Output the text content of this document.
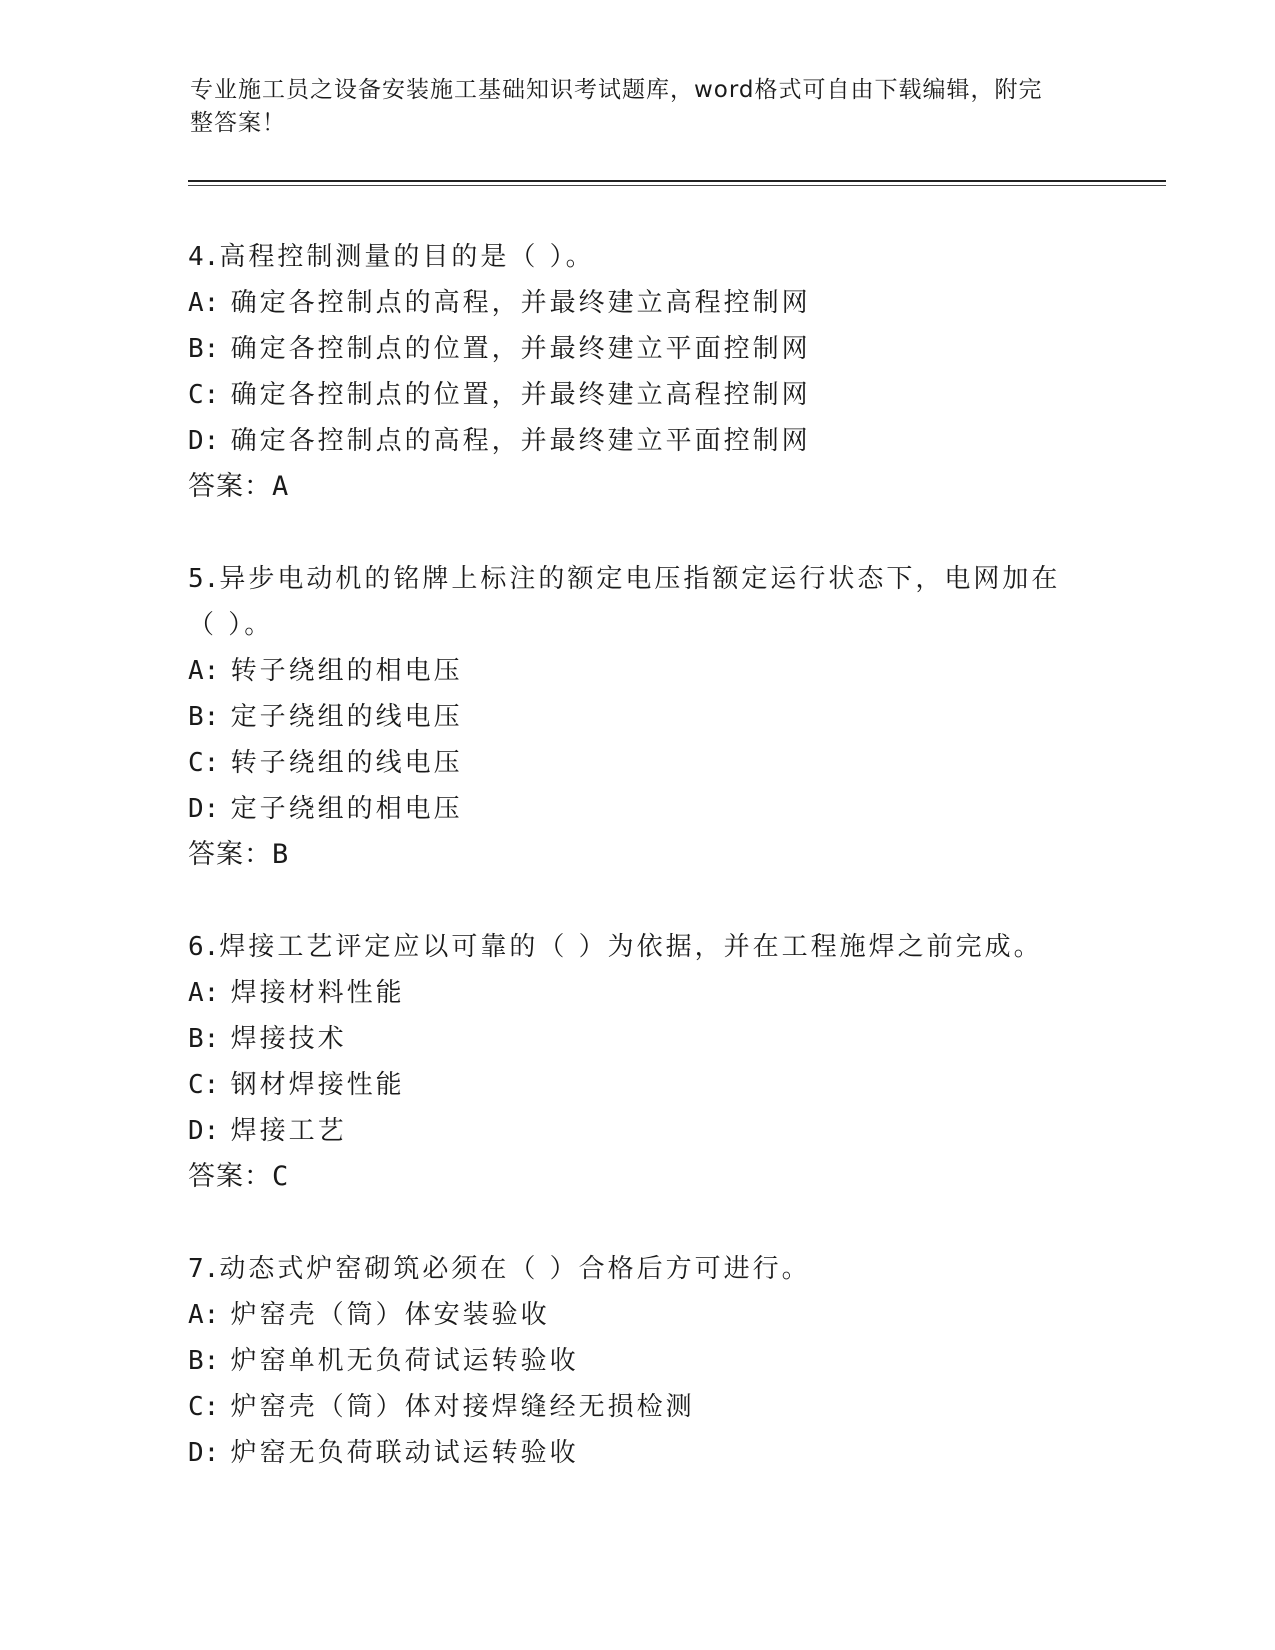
专业施工员之设备安装施工基础知识考试题库，word格式可自由下载编辑，附完
整答案！
4.高程控制测量的目的是（ ）。
A: 确定各控制点的高程，并最终建立高程控制网
B: 确定各控制点的位置，并最终建立平面控制网
C: 确定各控制点的位置，并最终建立高程控制网
D: 确定各控制点的高程，并最终建立平面控制网
答案：A
5.异步电动机的铭牌上标注的额定电压指额定运行状态下，电网加在
（ ）。
A: 转子绕组的相电压
B: 定子绕组的线电压
C: 转子绕组的线电压
D: 定子绕组的相电压
答案：B
6.焊接工艺评定应以可靠的（ ）为依据，并在工程施焊之前完成。
A: 焊接材料性能
B: 焊接技术
C: 钢材焊接性能
D: 焊接工艺
答案：C
7.动态式炉窑砌筑必须在（ ）合格后方可进行。
A: 炉窑壳（筒）体安装验收
B: 炉窑单机无负荷试运转验收
C: 炉窑壳（筒）体对接焊缝经无损检测
D: 炉窑无负荷联动试运转验收
